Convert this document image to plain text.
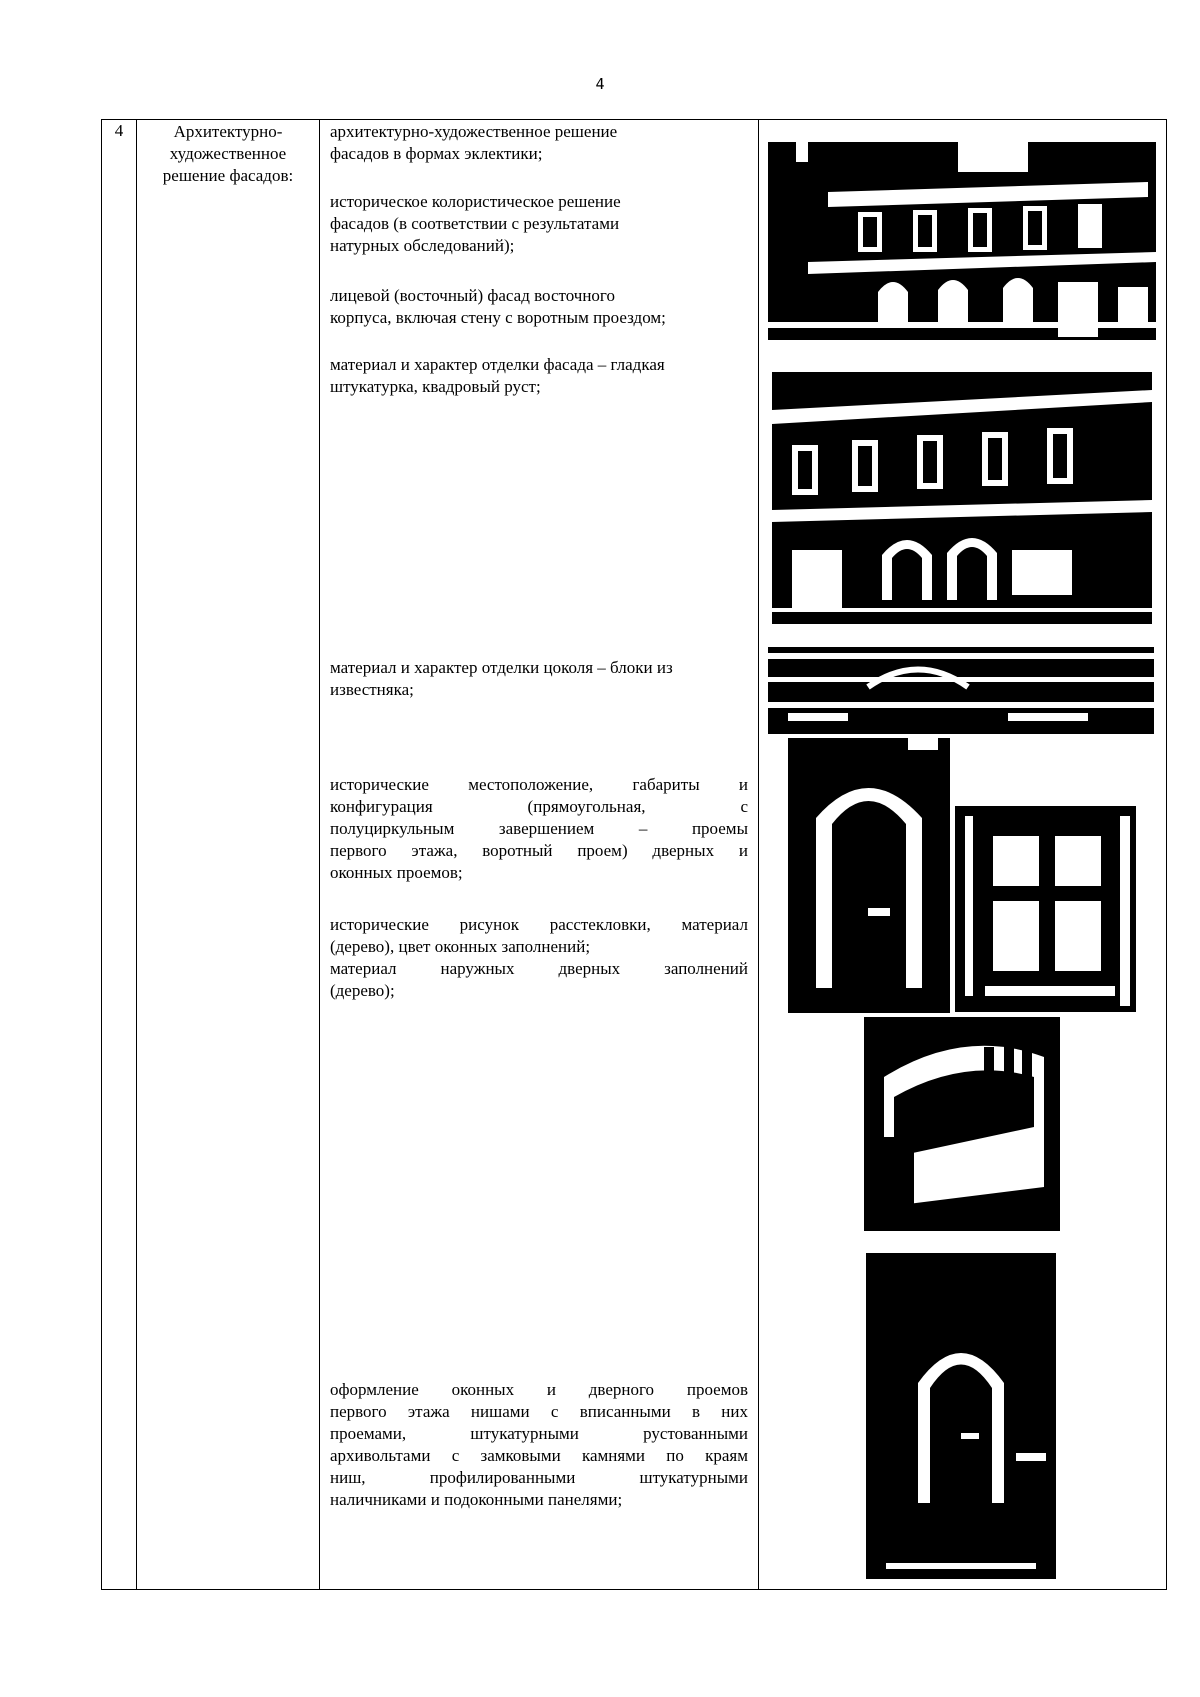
4
4	Архитектурно-
художественное
решение фасадов:
архитектурно-художественное решение
фасадов в формах эклектики;
историческое колористическое решение
фасадов (в соответствии с результатами
натурных обследований);
лицевой (восточный) фасад восточного
корпуса, включая стену с воротным проездом;
материал и характер отделки фасада – гладкая
штукатурка, квадровый руст;
материал и характер отделки цоколя – блоки из
известняка;
исторические местоположение, габариты и
конфигурация (прямоугольная, с
полуциркульным завершением – проемы
первого этажа, воротный проем) дверных и
оконных проемов;
исторические рисунок расстекловки, материал
(дерево), цвет оконных заполнений;
материал наружных дверных заполнений
(дерево);
оформление оконных и дверного проемов
первого этажа нишами с вписанными в них
проемами, штукатурными рустованными
архивольтами с замковыми камнями по краям
ниш, профилированными штукатурными
наличниками и подоконными панелями;
